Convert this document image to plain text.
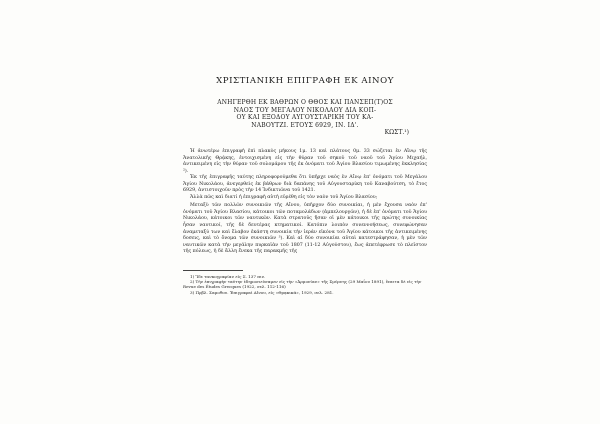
ΧΡΙΣΤΙΑΝΙΚΗ ΕΠΙΓΡΑΦΗ ΕΚ ΑΙΝΟΥ

ΑΝΗΓΕΡΘΗ ΕΚ ΒΑΘΡΩΝ Ο ΘΘΟΣ ΚΑΙ ΠΑΝΣΕΠ(Τ)ΟΣ

ΝΑΟΣ ΤΟΥ ΜΕΓΑΛΟΥ ΝΙΚΟΛΑΟΥ ΔΙΑ ΚΟΠ-

ΟΥ ΚΑΙ ΕΞΟΔΟΥ ΑΥΓΟΥΣΤΑΡΙΚΗ ΤΟΥ ΚΑ-

ΝΑΒΟΥΤΖΙ. ΕΤΟΥΣ 6929, ΙΝ. ΙΔ'.

ΚΩΣΤ.¹)

Ἡ ἀνωτέρω ἐπιγραφὴ ἐπὶ πλακὸς μήκους 1μ. 13 καὶ πλάτους 0μ. 33 σώζεται ἐν Αἴνῳ τῆς Ἀνατολικῆς Θρᾴκης, ἐντοιχισμένη εἰς τὴν θύραν τοῦ σηκοῦ τοῦ ναοῦ τοῦ Ἁγίου Μιχαήλ, ἀντικειμένη εἰς τὴν θύραν τοῦ σολομάρου τῆς ἐκ ὀνόματι τοῦ Ἁγίου Βλασίου τιμωμένης ἐκκλησίας ²).

Ἐκ τῆς ἐπιγραφῆς ταύτης πληροφορούμεθα ὅτι ὑπῆρχε ναὸς ἐν Αἴνῳ ἐπ' ὀνόματι τοῦ Μεγάλου Ἁγίου Νικολάου, ἀνεγερθεὶς ἐκ βάθρων διὰ δαπάνης τοῦ Αὐγουσταρίκη τοῦ Καναβούτση, τὸ ἔτος 6929, ἀντιστοιχοῦν πρὸς τὴν 14 Ἰνδικτιῶνα τοῦ 1421.

Ἀλλὰ πῶς καὶ διατί ἡ ἐπιγραφὴ αὐτὴ εὑρέθη εἰς τὸν ναὸν τοῦ Ἁγίου Βλασίου;

Μεταξὺ τῶν πολλῶν συνοικιῶν τῆς Αἴνου, ὑπῆρχον δύο συνοικίαι, ἡ μὲν ἔχουσα ναὸν ἐπ' ὀνόματι τοῦ Ἁγίου Βλασίου, κάτοικοι τῶν ποταμολάδων (ἁμπελουργῶν), ἡ δὲ ἐπ' ὀνόματι τοῦ Ἁγίου Νικολάου, κάτοικοι τῶν ναυτικῶν. Κατὰ στρατοῦς ἤσαν οἱ μὲν κάτοικοι τῆς πρώτης συνοικίας ἦσαν ναυτικοί, τῆς δὲ δευτέρας κτηματικοί. Κατόπιν λοιπὸν συνεννοήσεως, συνεφώνησαν ἀναμεταξύ των καὶ ἔλαβον ἑκάστη συνοικία τὴν ἱεράν εἰκόνα τοῦ Ἁγίου κάτοικοι τῆς ἀντικειμένης δοσεις, καὶ τὸ ὄνομα τῶν συνοικιῶν ³). Καὶ αἱ δύο συνοικίαι αὐταὶ κατεστράφησαν, ἡ μὲν τῶν ναυτικῶν κατὰ τὴν μεγάλην πυρκαϊὰν τοῦ 1807 (11-12 Αὐγούστου), ἕως ἀπετέφρωσε τὸ πλεῖστον τῆς πόλεως, ἡ δὲ ἄλλη ἕνεκα τῆς παρακμῆς τῆς

1) Ἴδε τανκογραφίαν εἰς Σ. 137 πιν.

2) Τὴν ἐπιγραφὴν ταύτην ἐδημοσιεύσαμεν εἰς τὴν «Ἀρμονίαν» τῆς Σμύρνης (29 Μαΐου 1891), ἔπειτα δὲ εἰς τὴν Revue des Études Grecques (1922, σελ. 112-116)

3) Πρβλ. Σαμοθου. Ἐπιγραφαὶ Αἴνου, εἰς «Θρᾳκικά», 1929, σελ. 281.
